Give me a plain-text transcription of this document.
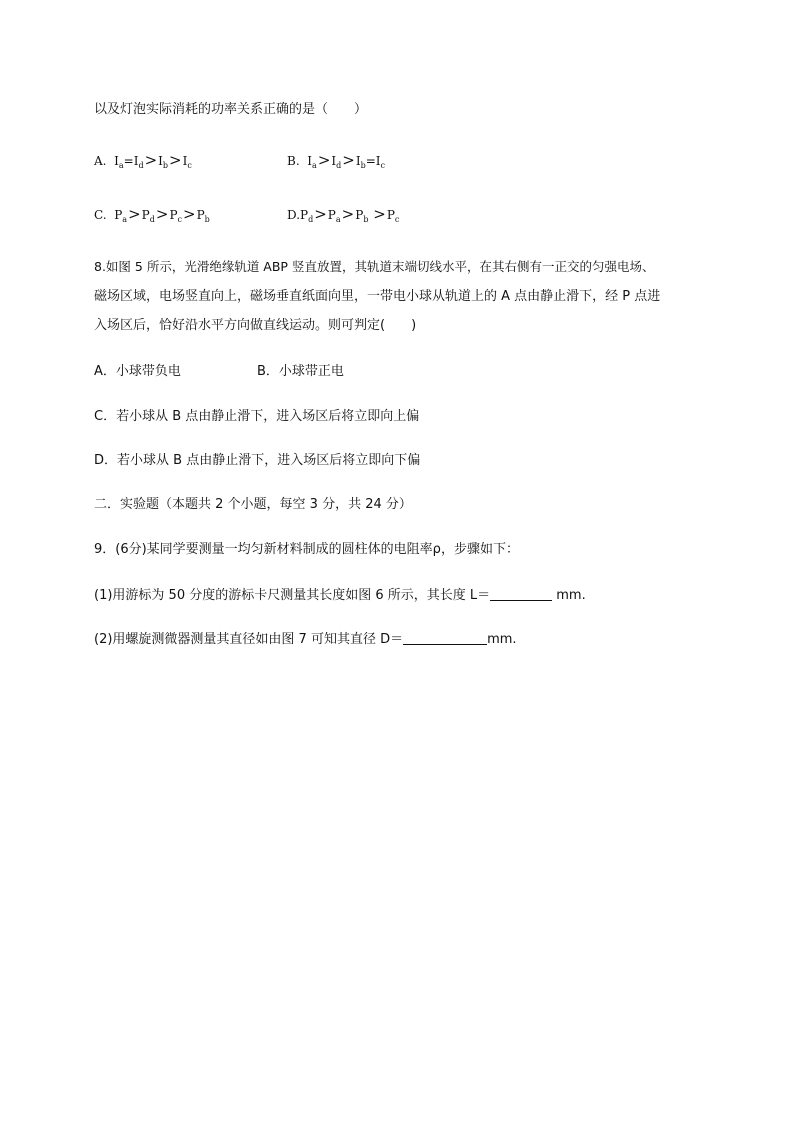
以及灯泡实际消耗的功率关系正确的是（　　）
A. $I_a=I_d>I_b>I_c$	B. $I_a>I_d>I_b=I_c$
C. $P_a>P_d>P_c>P_b$	$D.P_d>P_a>P_b >P_c$
8.如图 5 所示，光滑绝缘轨道 ABP 竖直放置，其轨道末端切线水平，在其右侧有一正交的匀强电场、
磁场区域，电场竖直向上，磁场垂直纸面向里，一带电小球从轨道上的 A 点由静止滑下，经 P 点进
入场区后，恰好沿水平方向做直线运动。则可判定(　　)
A．小球带负电	B．小球带正电
C．若小球从 B 点由静止滑下，进入场区后将立即向上偏
D．若小球从 B 点由静止滑下，进入场区后将立即向下偏
二．实验题（本题共 2 个小题，每空 3 分，共 24 分）
9．(6分)某同学要测量一均匀新材料制成的圆柱体的电阻率ρ，步骤如下：
(1)用游标为 50 分度的游标卡尺测量其长度如图 6 所示，其长度 L＝	mm.
(2)用螺旋测微器测量其直径如由图 7 可知其直径 D＝	mm.
